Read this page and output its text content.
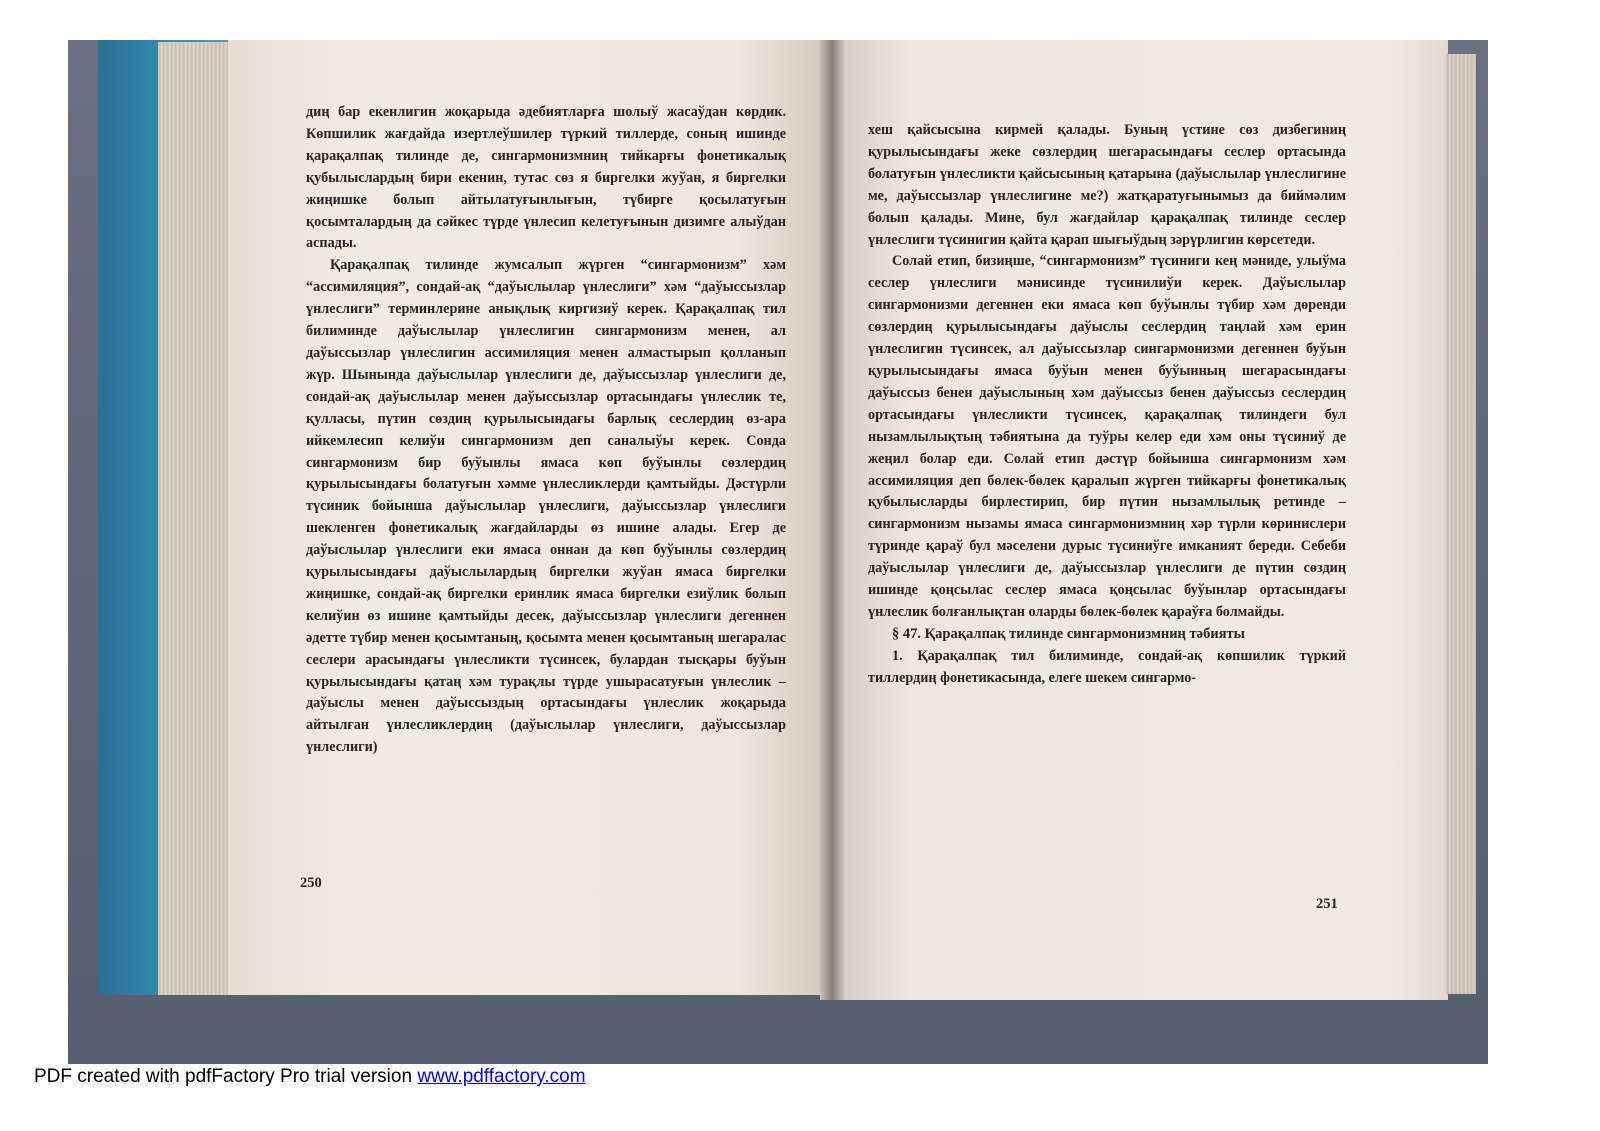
диң бар екенлигин жоқарыда әдебиятларға шолыў жасаўдан көрдик. Көпшилик жағдайда изертлеўшилер түркий тиллерде, соның ишинде қарақалпақ тилинде де, сингармонизмниң тийкарғы фонетикалық қубылыслардың бири екенин, тутас сөз я биргелки жуўан, я биргелки жиңишке болып айтылатуғынлығын, түбирге қосылатуғын қосымталардың да сәйкес түрде үнлесип келетуғынын дизимге алыўдан аспады.

Қарақалпақ тилинде жумсалып жүрген “сингармонизм” хәм “ассимиляция”, сондай-ақ “даўыслылар үнлеслиги” хәм “даўыссызлар үнлеслиги” терминлерине анықлық киргизиў керек. Қарақалпақ тил билиминде даўыслылар үнлеслигин сингармонизм менен, ал даўыссызлар үнлеслигин ассимиляция менен алмастырып қолланып жүр. Шынында даўыслылар үнлеслиги де, даўыссызлар үнлеслиги де, сондай-ақ даўыслылар менен даўыссызлар ортасындағы үнлеслик те, қулласы, пүтин сөздиң қурылысындағы барлық сеслердиң өз-ара ийкемлесип келиўи сингармонизм деп саналыўы керек. Сонда сингармонизм бир буўынлы ямаса көп буўынлы сөзлердиң қурылысындағы болатуғын хәмме үнлесликлерди қамтыйды. Дәстүрли түсиник бойынша даўыслылар үнлеслиги, даўыссызлар үнлеслиги шекленген фонетикалық жағдайларды өз ишине алады. Егер де даўыслылар үнлеслиги еки ямаса оннан да көп буўынлы сөзлердиң қурылысындағы даўыслылардың биргелки жуўан ямаса биргелки жиңишке, сондай-ақ биргелки еринлик ямаса биргелки езиўлик болып келиўин өз ишине қамтыйды десек, даўыссызлар үнлеслиги дегеннен әдетте түбир менен қосымтаның, қосымта менен қосымтаның шегаралас сеслери арасындағы үнлесликти түсинсек, булардан тысқары буўын қурылысындағы қатаң хәм турақлы түрде ушырасатуғын үнлеслик – даўыслы менен даўыссыздың ортасындағы үнлеслик жоқарыда айтылған үнлесликлердиң (даўыслылар үнлеслиги, даўыссызлар үнлеслиги)

250

хеш қайсысына кирмей қалады. Буның үстине сөз дизбегиниң қурылысындағы жеке сөзлердиң шегарасындағы сеслер ортасында болатуғын үнлесликти қайсысының қатарына (даўыслылар үнлеслигине ме, даўыссызлар үнлеслигине ме?) жатқаратуғынымыз да биймәлим болып қалады. Мине, бул жағдайлар қарақалпақ тилинде сеслер үнлеслиги түсинигин қайта қарап шығыўдың зәрүрлигин көрсетеди.

Солай етип, бизиңше, “сингармонизм” түсиниги кең мәниде, улыўма сеслер үнлеслиги мәнисинде түсинилиўи керек. Даўыслылар сингармонизми дегеннен еки ямаса көп буўынлы түбир хәм дөренди сөзлердиң қурылысындағы даўыслы сеслердиң таңлай хәм ерин үнлеслигин түсинсек, ал даўыссызлар сингармонизми дегеннен буўын қурылысындағы ямаса буўын менен буўынның шегарасындағы даўыссыз бенен даўыслының хәм даўыссыз бенен даўыссыз сеслердиң ортасындағы үнлесликти түсинсек, қарақалпақ тилиндеги бул нызамлылықтың тәбиятына да туўры келер еди хәм оны түсиниў де жеңил болар еди. Солай етип дәстүр бойынша сингармонизм хәм ассимиляция деп бөлек-бөлек қаралып жүрген тийкарғы фонетикалық қубылысларды бирлестирип, бир пүтин нызамлылық ретинде – сингармонизм нызамы ямаса сингармонизмниң хәр түрли көринислери түринде қараў бул мәселени дурыс түсиниўге имканият береди. Себеби даўыслылар үнлеслиги де, даўыссызлар үнлеслиги де пүтин сөздиң ишинде қоңсылас сеслер ямаса қоңсылас буўынлар ортасындағы үнлеслик болғанлықтан оларды бөлек-бөлек қараўға болмайды.

§ 47. Қарақалпақ тилинде сингармонизмниң тәбияты

1. Қарақалпақ тил билиминде, сондай-ақ көпшилик түркий тиллердиң фонетикасында, елеге шекем сингармо-

251
PDF created with pdfFactory Pro trial version www.pdffactory.com
